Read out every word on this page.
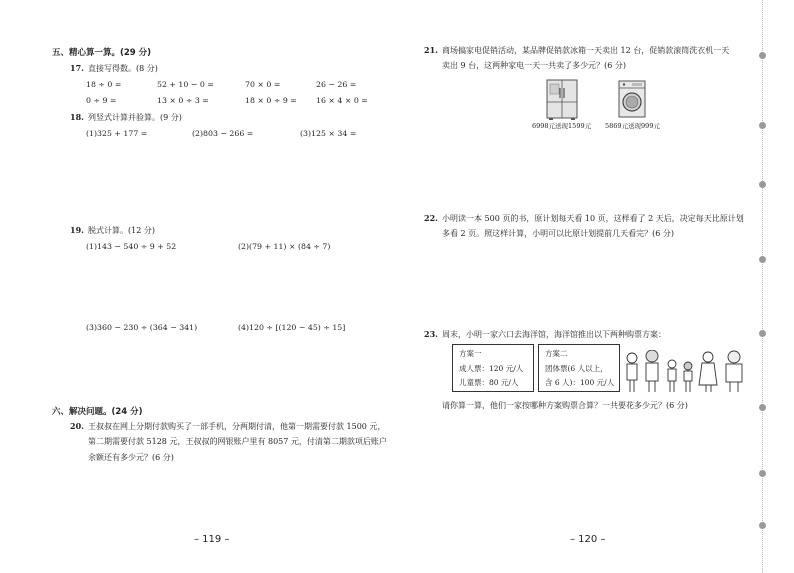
五、精心算一算。(29 分)
17. 直接写得数。(8 分)
18 ÷ 0 =	52 + 10 − 0 =	70 × 0 =	26 − 26 =
0 ÷ 9 =	13 × 0 ÷ 3 =	18 × 0 ÷ 9 = 16 × 4 × 0 =
18. 列竖式计算并验算。(9 分)
(1)325 + 177 =	(2)803 − 266 =	(3)125 × 34 =
19. 脱式计算。(12 分)
(1)143 − 540 ÷ 9 + 52	(2)(79 + 11) × (84 ÷ 7)
(3)360 − 230 ÷ (364 − 341)	(4)120 ÷ [(120 − 45) ÷ 15]
六、解决问题。(24 分)
20. 王叔叔在网上分期付款购买了一部手机，分两期付清，他第一期需要付款 1500 元，
第二期需要付款 5128 元，王叔叔的网银账户里有 8057 元，付清第二期款项后账户
余额还有多少元？(6 分)
– 119 –
21. 商场搞家电促销活动，某品牌促销款冰箱一天卖出 12 台，促销款滚筒洗衣机一天
卖出 9 台，这两种家电一天一共卖了多少元？(6 分)
6998元送现1599元 5869元送现999元
22. 小明读一本 500 页的书，原计划每天看 10 页，这样看了 2 天后，决定每天比原计划
多看 2 页。照这样计算，小明可以比原计划提前几天看完？(6 分)
23. 周末，小明一家六口去海洋馆，海洋馆推出以下两种购票方案：
方案一
成人票：120 元/人
儿童票：80 元/人
方案二
团体票(6 人以上，
含 6 人)：100 元/人
请你算一算，他们一家按哪种方案购票合算？一共要花多少元？(6 分)
– 120 –
